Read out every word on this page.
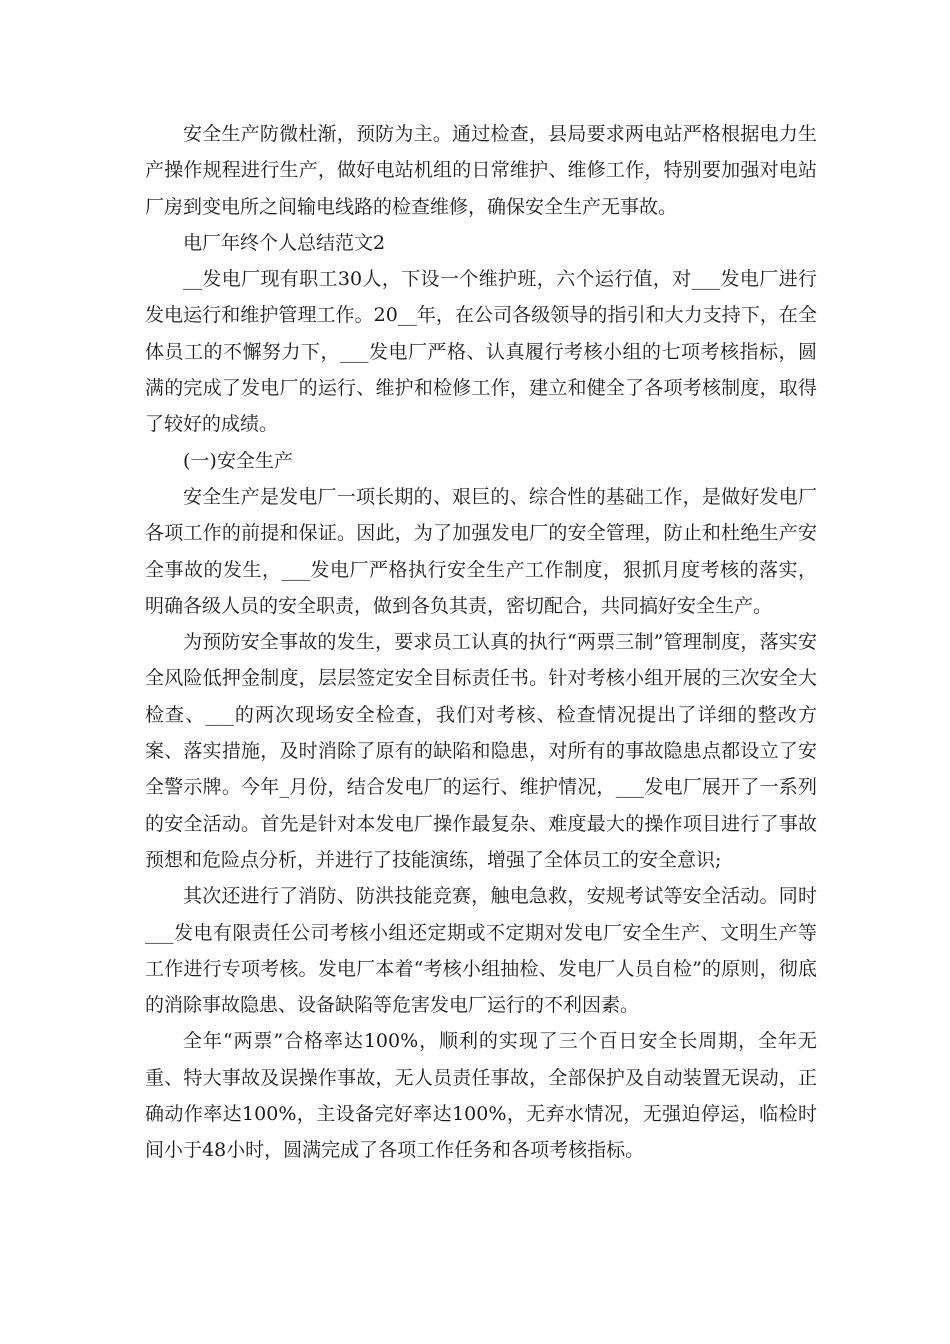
安全生产防微杜渐，预防为主。通过检查，县局要求两电站严格根据电力生产操作规程进行生产，做好电站机组的日常维护、维修工作，特别要加强对电站厂房到变电所之间输电线路的检查维修，确保安全生产无事故。

电厂年终个人总结范文2

__发电厂现有职工30人，下设一个维护班，六个运行值，对___发电厂进行发电运行和维护管理工作。20__年，在公司各级领导的指引和大力支持下，在全体员工的不懈努力下，___发电厂严格、认真履行考核小组的七项考核指标，圆满的完成了发电厂的运行、维护和检修工作，建立和健全了各项考核制度，取得了较好的成绩。

(一)安全生产

安全生产是发电厂一项长期的、艰巨的、综合性的基础工作，是做好发电厂各项工作的前提和保证。因此，为了加强发电厂的安全管理，防止和杜绝生产安全事故的发生，___发电厂严格执行安全生产工作制度，狠抓月度考核的落实，明确各级人员的安全职责，做到各负其责，密切配合，共同搞好安全生产。

为预防安全事故的发生，要求员工认真的执行“两票三制”管理制度，落实安全风险低押金制度，层层签定安全目标责任书。针对考核小组开展的三次安全大检查、___的两次现场安全检查，我们对考核、检查情况提出了详细的整改方案、落实措施，及时消除了原有的缺陷和隐患，对所有的事故隐患点都设立了安全警示牌。今年_月份，结合发电厂的运行、维护情况，___发电厂展开了一系列的安全活动。首先是针对本发电厂操作最复杂、难度最大的操作项目进行了事故预想和危险点分析，并进行了技能演练，增强了全体员工的安全意识;

其次还进行了消防、防洪技能竞赛，触电急救，安规考试等安全活动。同时___发电有限责任公司考核小组还定期或不定期对发电厂安全生产、文明生产等工作进行专项考核。发电厂本着“考核小组抽检、发电厂人员自检”的原则，彻底的消除事故隐患、设备缺陷等危害发电厂运行的不利因素。

全年“两票”合格率达100%，顺利的实现了三个百日安全长周期，全年无重、特大事故及误操作事故，无人员责任事故，全部保护及自动装置无误动，正确动作率达100%，主设备完好率达100%，无弃水情况，无强迫停运，临检时间小于48小时，圆满完成了各项工作任务和各项考核指标。
